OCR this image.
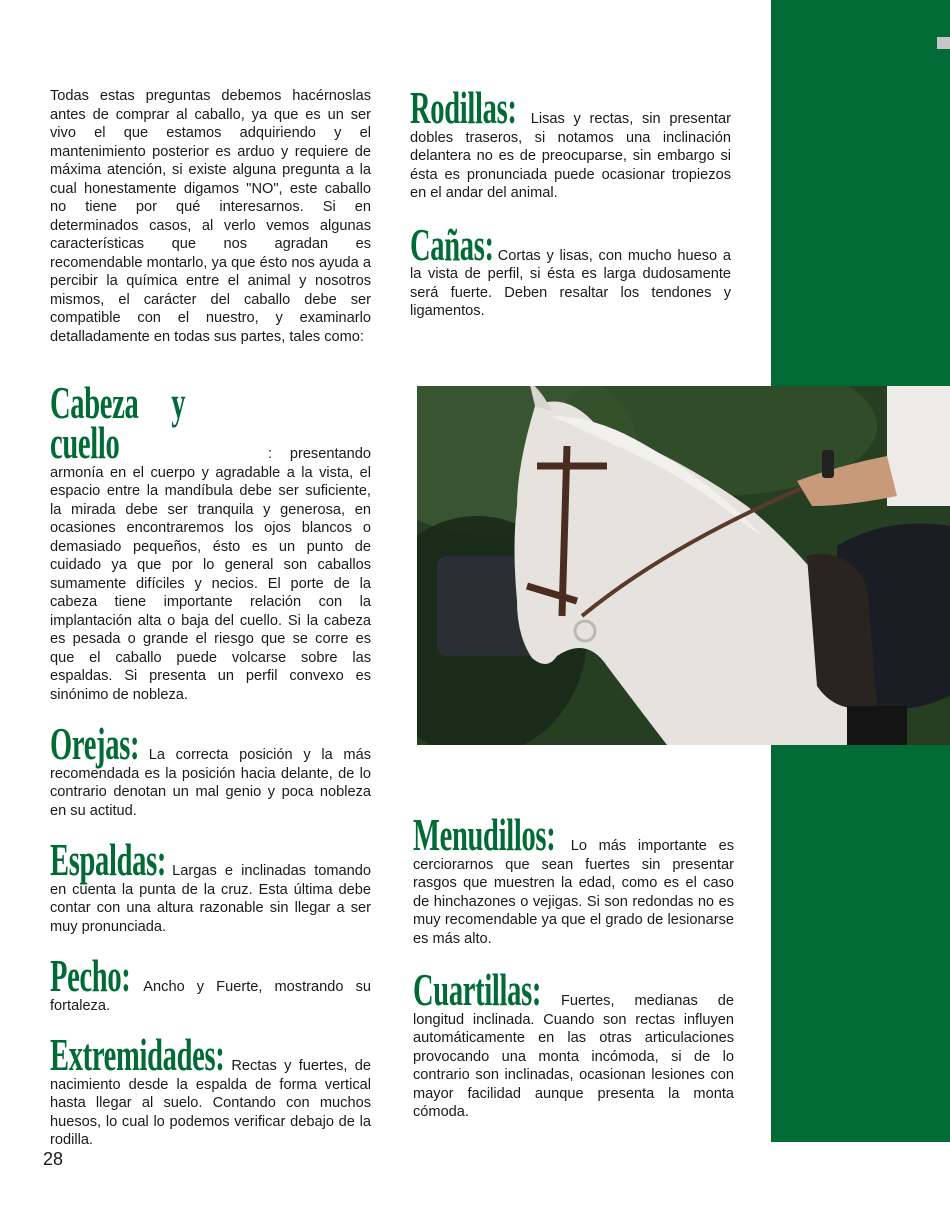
Todas estas preguntas debemos hacérnoslas antes de comprar al caballo, ya que es un ser vivo el que estamos adquiriendo y el mantenimiento posterior es arduo y requiere de máxima atención, si existe alguna pregunta a la cual honestamente digamos "NO", este caballo no tiene por qué interesarnos. Si en determinados casos, al verlo vemos algunas características que nos agradan es recomendable montarlo, ya que ésto nos ayuda a percibir la química entre el animal y nosotros mismos, el carácter del caballo debe ser compatible con el nuestro, y examinarlo detalladamente en todas sus partes, tales como:

Cabeza y cuello	: presentando armonía en el cuerpo y agradable a la vista, el espacio entre la mandíbula debe ser suficiente, la mirada debe ser tranquila y generosa, en ocasiones encontraremos los ojos blancos o demasiado pequeños, ésto es un punto de cuidado ya que por lo general son caballos sumamente difíciles y necios. El porte de la cabeza tiene importante relación con la implantación alta o baja del cuello. Si la cabeza es pesada o grande el riesgo que se corre es que el caballo puede volcarse sobre las espaldas. Si presenta un perfil convexo es sinónimo de nobleza.

Orejas: La correcta posición y la más recomendada es la posición hacia delante, de lo contrario denotan un mal genio y poca nobleza en su actitud.

Espaldas: Largas e inclinadas tomando en cuenta la punta de la cruz. Esta última debe contar con una altura razonable sin llegar a ser muy pronunciada.

Pecho: Ancho y Fuerte, mostrando su fortaleza.

Extremidades: Rectas y fuertes, de nacimiento desde la espalda de forma vertical hasta llegar al suelo. Contando con muchos huesos, lo cual lo podemos verificar debajo de la rodilla.

Rodillas: Lisas y rectas, sin presentar dobles traseros, si notamos una inclinación delantera no es de preocuparse, sin embargo si ésta es pronunciada puede ocasionar tropiezos en el andar del animal.

Cañas: Cortas y lisas, con mucho hueso a la vista de perfil, si ésta es larga dudosamente será fuerte. Deben resaltar los tendones y ligamentos.

Menudillos: Lo más importante es cerciorarnos que sean fuertes sin presentar rasgos que muestren la edad, como es el caso de hinchazones o vejigas. Si son redondas no es muy recomendable ya que el grado de lesionarse es más alto.

Cuartillas: Fuertes, medianas de longitud inclinada. Cuando son rectas influyen automáticamente en las otras articulaciones provocando una monta incómoda, si de lo contrario son inclinadas, ocasionan lesiones con mayor facilidad aunque presenta la monta cómoda.

28
